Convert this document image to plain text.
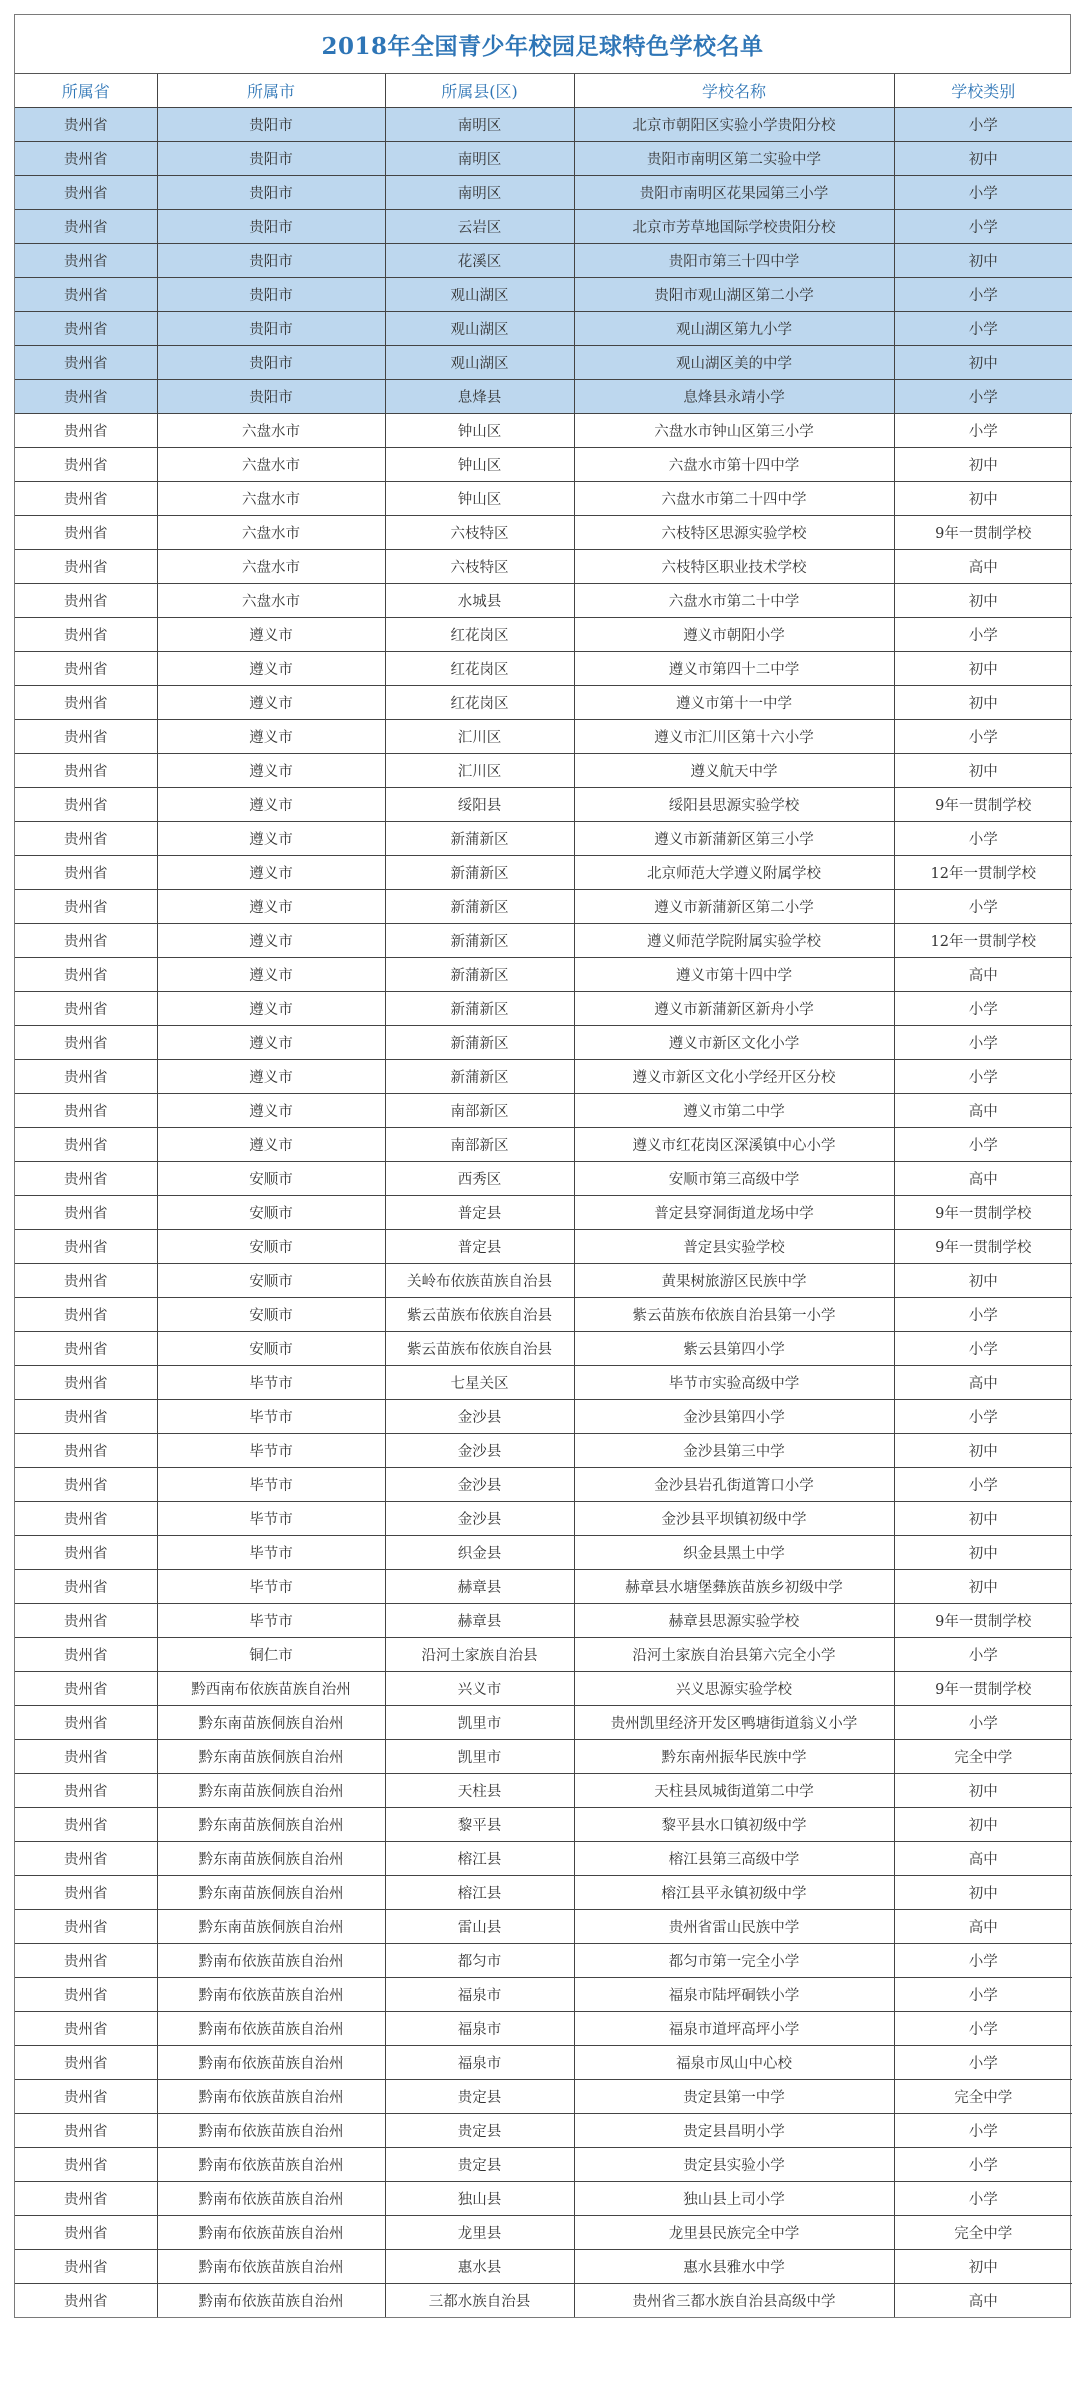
2018年全国青少年校园足球特色学校名单
所属省	所属市	所属县(区)	学校名称	学校类别
贵州省	贵阳市	南明区	北京市朝阳区实验小学贵阳分校	小学
贵州省	贵阳市	南明区	贵阳市南明区第二实验中学	初中
贵州省	贵阳市	南明区	贵阳市南明区花果园第三小学	小学
贵州省	贵阳市	云岩区	北京市芳草地国际学校贵阳分校	小学
贵州省	贵阳市	花溪区	贵阳市第三十四中学	初中
贵州省	贵阳市	观山湖区	贵阳市观山湖区第二小学	小学
贵州省	贵阳市	观山湖区	观山湖区第九小学	小学
贵州省	贵阳市	观山湖区	观山湖区美的中学	初中
贵州省	贵阳市	息烽县	息烽县永靖小学	小学
贵州省	六盘水市	钟山区	六盘水市钟山区第三小学	小学
贵州省	六盘水市	钟山区	六盘水市第十四中学	初中
贵州省	六盘水市	钟山区	六盘水市第二十四中学	初中
贵州省	六盘水市	六枝特区	六枝特区思源实验学校	9年一贯制学校
贵州省	六盘水市	六枝特区	六枝特区职业技术学校	高中
贵州省	六盘水市	水城县	六盘水市第二十中学	初中
贵州省	遵义市	红花岗区	遵义市朝阳小学	小学
贵州省	遵义市	红花岗区	遵义市第四十二中学	初中
贵州省	遵义市	红花岗区	遵义市第十一中学	初中
贵州省	遵义市	汇川区	遵义市汇川区第十六小学	小学
贵州省	遵义市	汇川区	遵义航天中学	初中
贵州省	遵义市	绥阳县	绥阳县思源实验学校	9年一贯制学校
贵州省	遵义市	新蒲新区	遵义市新蒲新区第三小学	小学
贵州省	遵义市	新蒲新区	北京师范大学遵义附属学校	12年一贯制学校
贵州省	遵义市	新蒲新区	遵义市新蒲新区第二小学	小学
贵州省	遵义市	新蒲新区	遵义师范学院附属实验学校	12年一贯制学校
贵州省	遵义市	新蒲新区	遵义市第十四中学	高中
贵州省	遵义市	新蒲新区	遵义市新蒲新区新舟小学	小学
贵州省	遵义市	新蒲新区	遵义市新区文化小学	小学
贵州省	遵义市	新蒲新区	遵义市新区文化小学经开区分校	小学
贵州省	遵义市	南部新区	遵义市第二中学	高中
贵州省	遵义市	南部新区	遵义市红花岗区深溪镇中心小学	小学
贵州省	安顺市	西秀区	安顺市第三高级中学	高中
贵州省	安顺市	普定县	普定县穿洞街道龙场中学	9年一贯制学校
贵州省	安顺市	普定县	普定县实验学校	9年一贯制学校
贵州省	安顺市	关岭布依族苗族自治县	黄果树旅游区民族中学	初中
贵州省	安顺市	紫云苗族布依族自治县	紫云苗族布依族自治县第一小学	小学
贵州省	安顺市	紫云苗族布依族自治县	紫云县第四小学	小学
贵州省	毕节市	七星关区	毕节市实验高级中学	高中
贵州省	毕节市	金沙县	金沙县第四小学	小学
贵州省	毕节市	金沙县	金沙县第三中学	初中
贵州省	毕节市	金沙县	金沙县岩孔街道箐口小学	小学
贵州省	毕节市	金沙县	金沙县平坝镇初级中学	初中
贵州省	毕节市	织金县	织金县黑土中学	初中
贵州省	毕节市	赫章县	赫章县水塘堡彝族苗族乡初级中学	初中
贵州省	毕节市	赫章县	赫章县思源实验学校	9年一贯制学校
贵州省	铜仁市	沿河土家族自治县	沿河土家族自治县第六完全小学	小学
贵州省	黔西南布依族苗族自治州	兴义市	兴义思源实验学校	9年一贯制学校
贵州省	黔东南苗族侗族自治州	凯里市	贵州凯里经济开发区鸭塘街道翁义小学	小学
贵州省	黔东南苗族侗族自治州	凯里市	黔东南州振华民族中学	完全中学
贵州省	黔东南苗族侗族自治州	天柱县	天柱县凤城街道第二中学	初中
贵州省	黔东南苗族侗族自治州	黎平县	黎平县水口镇初级中学	初中
贵州省	黔东南苗族侗族自治州	榕江县	榕江县第三高级中学	高中
贵州省	黔东南苗族侗族自治州	榕江县	榕江县平永镇初级中学	初中
贵州省	黔东南苗族侗族自治州	雷山县	贵州省雷山民族中学	高中
贵州省	黔南布依族苗族自治州	都匀市	都匀市第一完全小学	小学
贵州省	黔南布依族苗族自治州	福泉市	福泉市陆坪硐铁小学	小学
贵州省	黔南布依族苗族自治州	福泉市	福泉市道坪高坪小学	小学
贵州省	黔南布依族苗族自治州	福泉市	福泉市凤山中心校	小学
贵州省	黔南布依族苗族自治州	贵定县	贵定县第一中学	完全中学
贵州省	黔南布依族苗族自治州	贵定县	贵定县昌明小学	小学
贵州省	黔南布依族苗族自治州	贵定县	贵定县实验小学	小学
贵州省	黔南布依族苗族自治州	独山县	独山县上司小学	小学
贵州省	黔南布依族苗族自治州	龙里县	龙里县民族完全中学	完全中学
贵州省	黔南布依族苗族自治州	惠水县	惠水县雅水中学	初中
贵州省	黔南布依族苗族自治州	三都水族自治县	贵州省三都水族自治县高级中学	高中
